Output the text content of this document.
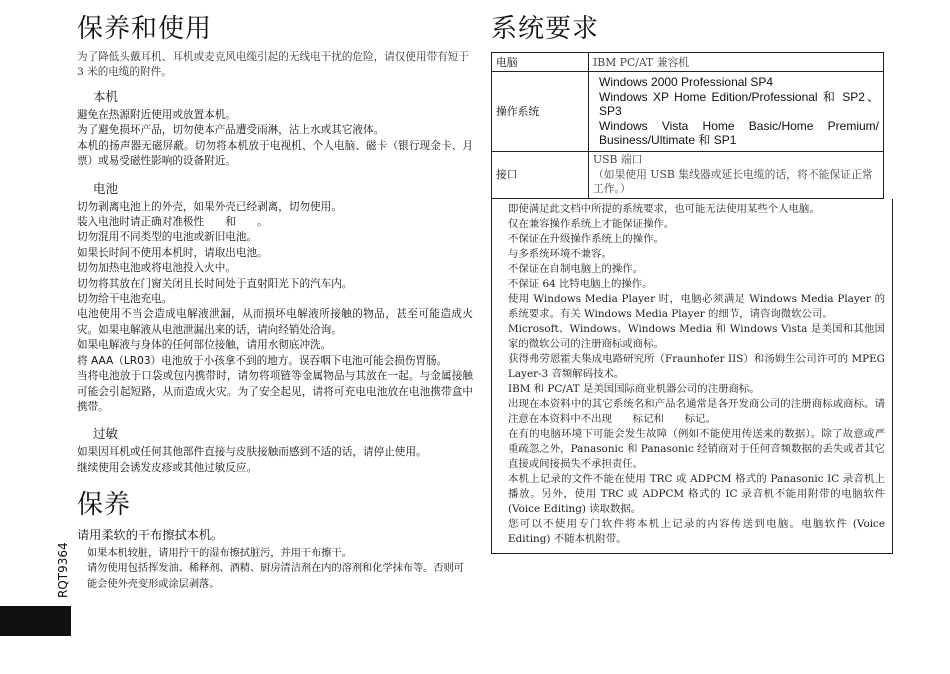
保养和使用

为了降低头戴耳机、耳机或麦克风电缆引起的无线电干扰的危险，请仅使用带有短于 3 米的电缆的附件。

本机

避免在热源附近使用或放置本机。

为了避免损坏产品，切勿使本产品遭受雨淋，沾上水或其它液体。

本机的扬声器无磁屏蔽。切勿将本机放于电视机、个人电脑、磁卡（银行现金卡、月票）或易受磁性影响的设备附近。

电池

切勿剥离电池上的外壳，如果外壳已经剥离，切勿使用。

装入电池时请正确对准极性　　和　　。

切勿混用不同类型的电池或新旧电池。

如果长时间不使用本机时，请取出电池。

切勿加热电池或将电池投入火中。

切勿将其放在门窗关闭且长时间处于直射阳光下的汽车内。

切勿给干电池充电。

电池使用不当会造成电解液泄漏，从而损坏电解液所接触的物品，甚至可能造成火灾。如果电解液从电池泄漏出来的话，请向经销处洽询。

如果电解液与身体的任何部位接触，请用水彻底冲洗。

将 AAA（LR03）电池放于小孩拿不到的地方。误吞咽下电池可能会损伤胃肠。

当将电池放于口袋或包内携带时，请勿将项链等金属物品与其放在一起。与金属接触可能会引起短路，从而造成火灾。为了安全起见，请将可充电电池放在电池携带盒中携带。

过敏

如果因耳机或任何其他部件直接与皮肤接触而感到不适的话，请停止使用。

继续使用会诱发皮疹或其他过敏反应。

保养
请用柔软的干布擦拭本机。

如果本机较脏，请用拧干的湿布擦拭脏污，并用干布擦干。

请勿使用包括挥发油、稀释剂、酒精、厨房清洁剂在内的溶剂和化学抹布等。否则可能会使外壳变形或涂层剥落。

RQT9364
系统要求
电脑	IBM PC/AT 兼容机
操作系统	Windows 2000 Professional SP4
Windows XP Home Edition/Professional 和 SP2、SP3
Windows Vista Home Basic/Home Premium/ Business/Ultimate 和 SP1

接口	USB 端口
（如果使用 USB 集线器或延长电缆的话，将不能保证正常工作。）

即使满足此文档中所提的系统要求，也可能无法使用某些个人电脑。

仅在兼容操作系统上才能保证操作。

不保证在升级操作系统上的操作。

与多系统环境不兼容。

不保证在自制电脑上的操作。

不保证 64 比特电脑上的操作。

使用 Windows Media Player 时，电脑必须满足 Windows Media Player 的系统要求。有关 Windows Media Player 的细节，请咨询微软公司。

Microsoft、Windows、Windows Media 和 Windows Vista 是美国和其他国家的微软公司的注册商标或商标。

获得弗劳恩霍夫集成电路研究所（Fraunhofer IIS）和汤姆生公司许可的 MPEG Layer-3 音频解码技术。

IBM 和 PC/AT 是美国国际商业机器公司的注册商标。

出现在本资料中的其它系统名和产品名通常是各开发商公司的注册商标或商标。请注意在本资料中不出现　　标记和　　标记。

在有的电脑环境下可能会发生故障（例如不能使用传送来的数据）。除了故意或严重疏忽之外，Panasonic 和 Panasonic 经销商对于任何音频数据的丢失或者其它直接或间接损失不承担责任。

本机上记录的文件不能在使用 TRC 或 ADPCM 格式的 Panasonic IC 录音机上播放。另外，使用 TRC 或 ADPCM 格式的 IC 录音机不能用附带的电脑软件 (Voice Editing) 读取数据。

您可以不使用专门软件将本机上记录的内容传送到电脑。电脑软件 (Voice Editing) 不随本机附带。
